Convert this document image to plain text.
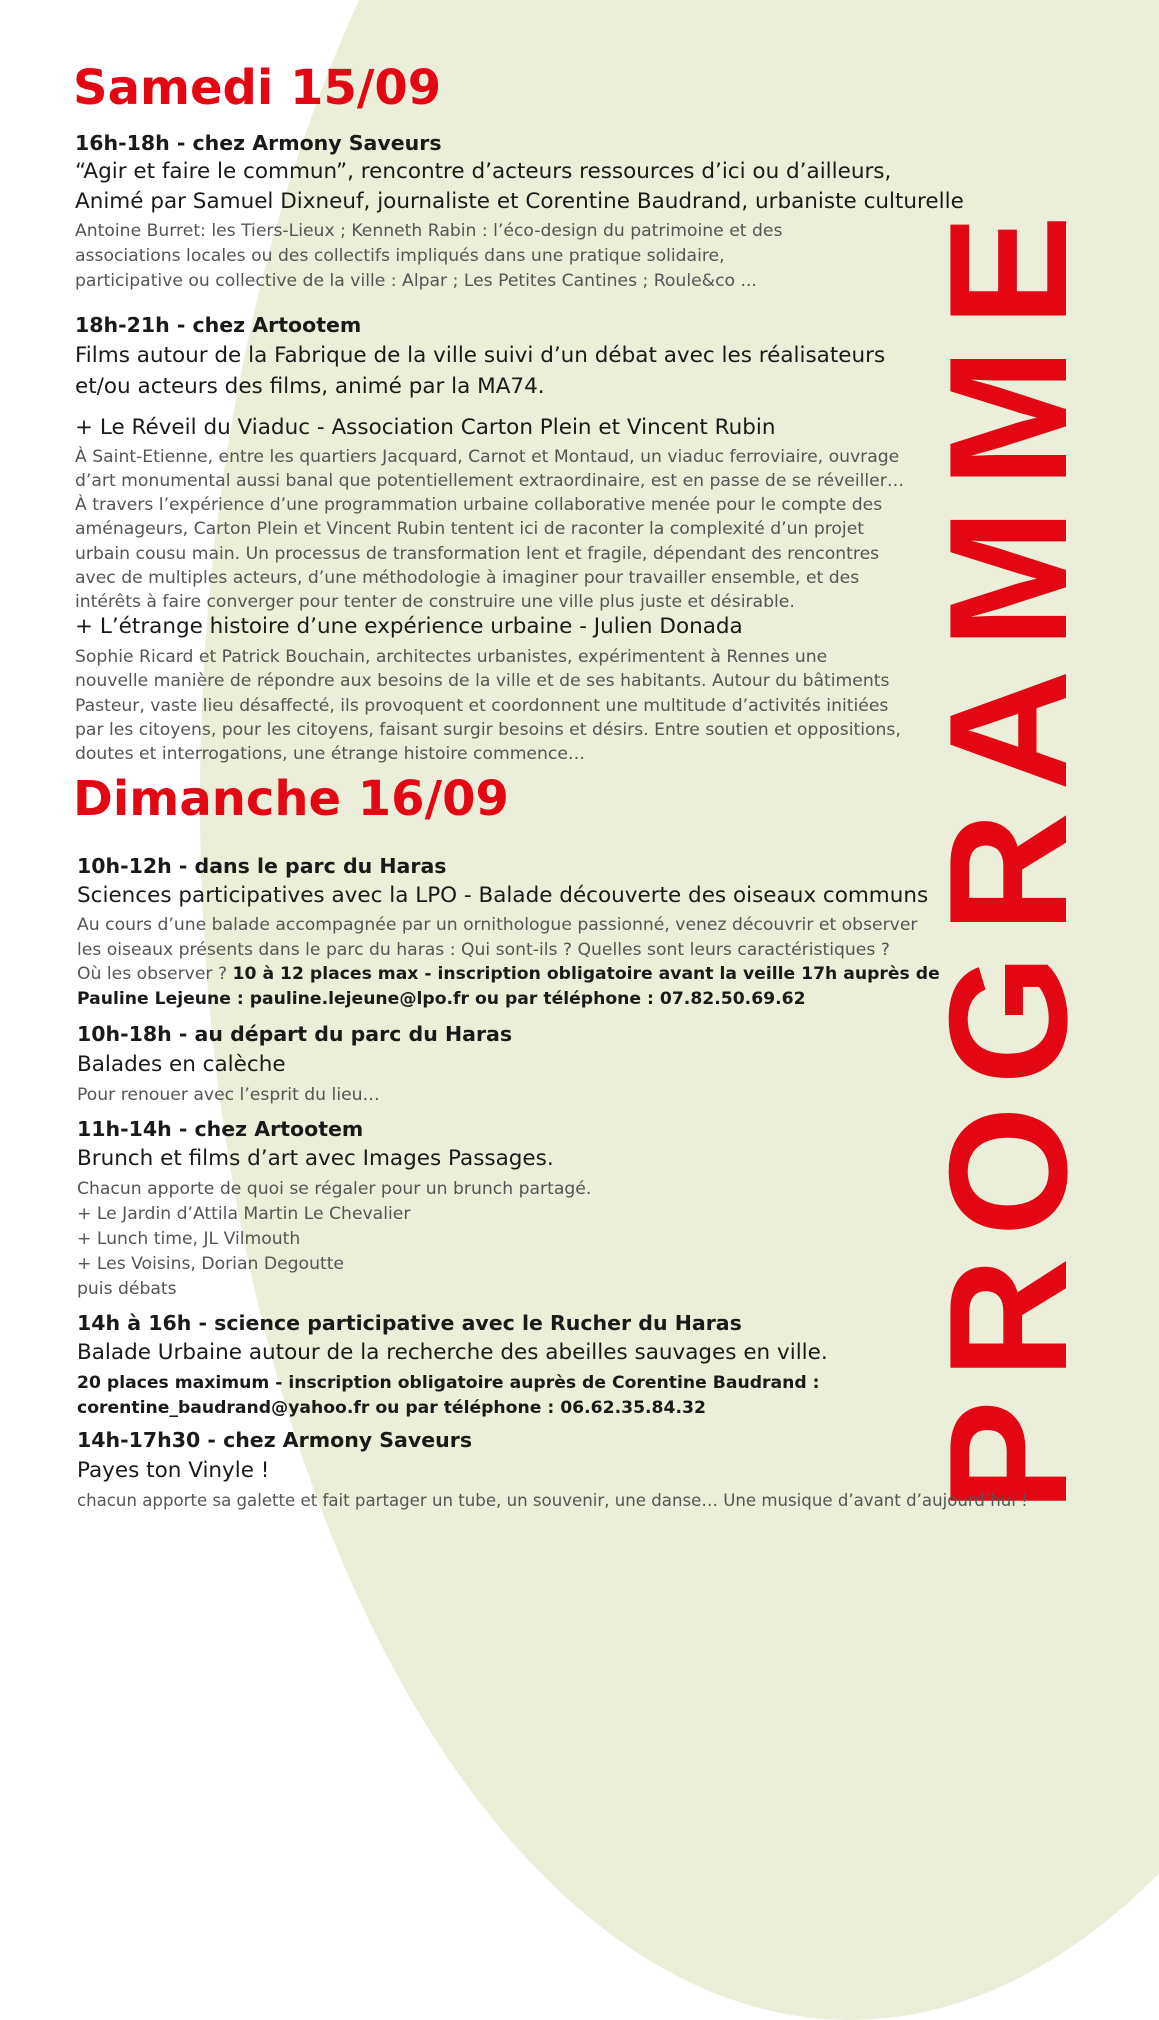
PROGRAMME
Samedi 15/09

16h-18h - chez Armony Saveurs

“Agir et faire le commun”, rencontre d’acteurs ressources d’ici ou d’ailleurs,

Animé par Samuel Dixneuf, journaliste et Corentine Baudrand, urbaniste culturelle

Antoine Burret: les Tiers-Lieux ; Kenneth Rabin : l’éco-design du patrimoine et des

associations locales ou des collectifs impliqués dans une pratique solidaire,

participative ou collective de la ville : Alpar ; Les Petites Cantines ; Roule&co ...

18h-21h - chez Artootem

Films autour de la Fabrique de la ville suivi d’un débat avec les réalisateurs

et/ou acteurs des films, animé par la MA74.

+ Le Réveil du Viaduc - Association Carton Plein et Vincent Rubin

À Saint-Etienne, entre les quartiers Jacquard, Carnot et Montaud, un viaduc ferroviaire, ouvrage

d’art monumental aussi banal que potentiellement extraordinaire, est en passe de se réveiller…

À travers l’expérience d’une programmation urbaine collaborative menée pour le compte des

aménageurs, Carton Plein et Vincent Rubin tentent ici de raconter la complexité d’un projet

urbain cousu main. Un processus de transformation lent et fragile, dépendant des rencontres

avec de multiples acteurs, d’une méthodologie à imaginer pour travailler ensemble, et des

intérêts à faire converger pour tenter de construire une ville plus juste et désirable.

+ L’étrange histoire d’une expérience urbaine - Julien Donada

Sophie Ricard et Patrick Bouchain, architectes urbanistes, expérimentent à Rennes une

nouvelle manière de répondre aux besoins de la ville et de ses habitants. Autour du bâtiments

Pasteur, vaste lieu désaffecté, ils provoquent et coordonnent une multitude d’activités initiées

par les citoyens, pour les citoyens, faisant surgir besoins et désirs. Entre soutien et oppositions,

doutes et interrogations, une étrange histoire commence…

Dimanche 16/09

10h-12h - dans le parc du Haras

Sciences participatives avec la LPO - Balade découverte des oiseaux communs

Au cours d’une balade accompagnée par un ornithologue passionné, venez découvrir et observer

les oiseaux présents dans le parc du haras : Qui sont-ils ? Quelles sont leurs caractéristiques ?

Où les observer ? 10 à 12 places max - inscription obligatoire avant la veille 17h auprès de

Pauline Lejeune : pauline.lejeune@lpo.fr ou par téléphone : 07.82.50.69.62

10h-18h - au départ du parc du Haras

Balades en calèche

Pour renouer avec l’esprit du lieu…

11h-14h - chez Artootem

Brunch et films d’art avec Images Passages.

Chacun apporte de quoi se régaler pour un brunch partagé.

+ Le Jardin d’Attila Martin Le Chevalier

+ Lunch time, JL Vilmouth

+ Les Voisins, Dorian Degoutte

puis débats

14h à 16h - science participative avec le Rucher du Haras

Balade Urbaine autour de la recherche des abeilles sauvages en ville.

20 places maximum - inscription obligatoire auprès de Corentine Baudrand :

corentine_baudrand@yahoo.fr ou par téléphone : 06.62.35.84.32

14h-17h30 - chez Armony Saveurs

Payes ton Vinyle !

chacun apporte sa galette et fait partager un tube, un souvenir, une danse… Une musique d’avant d’aujourd’hui !
